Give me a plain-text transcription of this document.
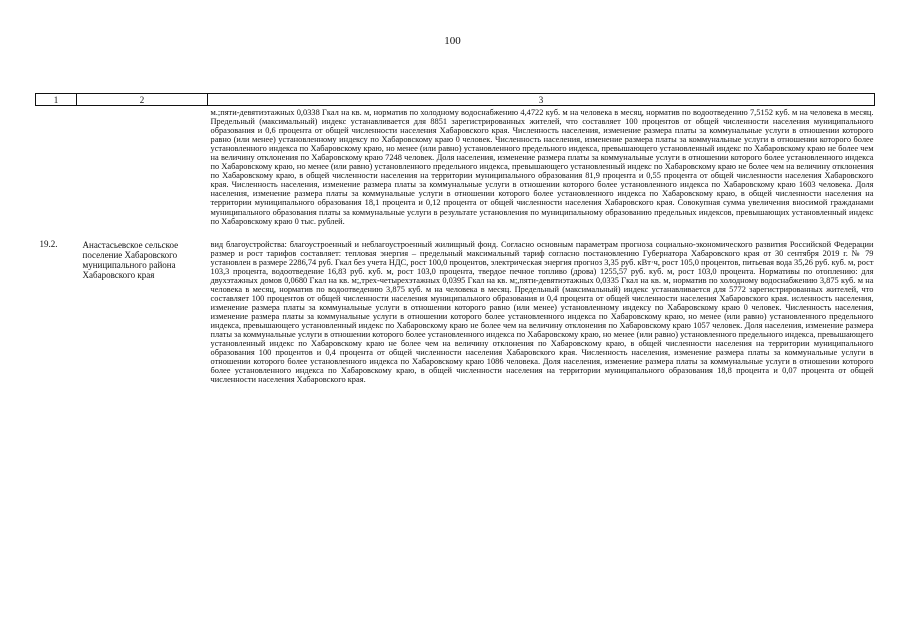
100
1	2	3
		м.;пяти-девятиэтажных 0,0338 Гкал на кв. м, норматив по холодному водоснабжению 4,4722 куб. м на человека в месяц, норматив по водоотведению 7,5152 куб. м на человека в месяц. Предельный (максимальный) индекс устанавливается для 8851 зарегистрированных жителей, что составляет 100 процентов от общей численности населения муниципального образования и 0,6 процента от общей численности населения Хабаровского края. Численность населения, изменение размера платы за коммунальные услуги в отношении которого равно (или менее) установленному индексу по Хабаровскому краю 0 человек. Численность населения, изменение размера платы за коммунальные услуги в отношении которого более установленного индекса по Хабаровскому краю, но менее (или равно) установленного предельного индекса, превышающего установленный индекс по Хабаровскому краю не более чем на величину отклонения по Хабаровскому краю 7248 человек. Доля населения, изменение размера платы за коммунальные услуги в отношении которого более установленного индекса по Хабаровскому краю, но менее (или равно) установленного предельного индекса, превышающего установленный индекс по Хабаровскому краю не более чем на величину отклонения по Хабаровскому краю, в общей численности населения на территории муниципального образования 81,9 процента и 0,55 процента от общей численности населения Хабаровского края. Численность населения, изменение размера платы за коммунальные услуги в отношении которого более установленного индекса по Хабаровскому краю 1603 человека. Доля населения, изменение размера платы за коммунальные услуги в отношении которого более установленного индекса по Хабаровскому краю, в общей численности населения на территории муниципального образования 18,1 процента и 0,12 процента от общей численности населения Хабаровского края. Совокупная сумма увеличения вносимой гражданами муниципального образования платы за коммунальные услуги в результате установления по муниципальному образованию предельных индексов, превышающих установленный индекс по Хабаровскому краю 0 тыс. рублей.
19.2.	Анастасьевское сельское поселение Хабаровского муниципального района Хабаровского края	вид благоустройства: благоустроенный и неблагоустроенный жилищный фонд. Согласно основным параметрам прогноза социально-экономического развития Российской Федерации размер и рост тарифов составляет: тепловая энергия – предельный максимальный тариф согласно постановлению Губернатора Хабаровского края от 30 сентября 2019 г. № 79 установлен в размере 2286,74 руб. Гкал без учета НДС, рост 100,0 процентов, электрическая энергия прогноз 3,35 руб. кВт·ч, рост 105,0 процентов, питьевая вода 35,26 руб. куб. м, рост 103,3 процента, водоотведение 16,83 руб. куб. м, рост 103,0 процента, твердое печное топливо (дрова) 1255,57 руб. куб. м, рост 103,0 процента. Нормативы по отоплению: для двухэтажных домов 0,0680 Гкал на кв. м;,трех-четырехэтажных 0,0395 Гкал на кв. м;,пяти-девятиэтажных 0,0335 Гкал на кв. м, норматив по холодному водоснабжению 3,875 куб. м на человека в месяц, норматив по водоотведению 3,875 куб. м на человека в месяц. Предельный (максимальный) индекс устанавливается для 5772 зарегистрированных жителей, что составляет 100 процентов от общей численности населения муниципального образования и 0,4 процента от общей численности населения Хабаровского края. исленность населения, изменение размера платы за коммунальные услуги в отношении которого равно (или менее) установленному индексу по Хабаровскому краю 0 человек. Численность населения, изменение размера платы за коммунальные услуги в отношении которого более установленного индекса по Хабаровскому краю, но менее (или равно) установленного предельного индекса, превышающего установленный индекс по Хабаровскому краю не более чем на величину отклонения по Хабаровскому краю 1057 человек. Доля населения, изменение размера платы за коммунальные услуги в отношении которого более установленного индекса по Хабаровскому краю, но менее (или равно) установленного предельного индекса, превышающего установленный индекс по Хабаровскому краю не более чем на величину отклонения по Хабаровскому краю, в общей численности населения на территории муниципального образования 100 процентов и 0,4 процента от общей численности населения Хабаровского края. Численность населения, изменение размера платы за коммунальные услуги в отношении которого более установленного индекса по Хабаровскому краю 1086 человека. Доля населения, изменение размера платы за коммунальные услуги в отношении которого более установленного индекса по Хабаровскому краю, в общей численности населения на территории муниципального образования 18,8 процента и 0,07 процента от общей численности населения Хабаровского края.
